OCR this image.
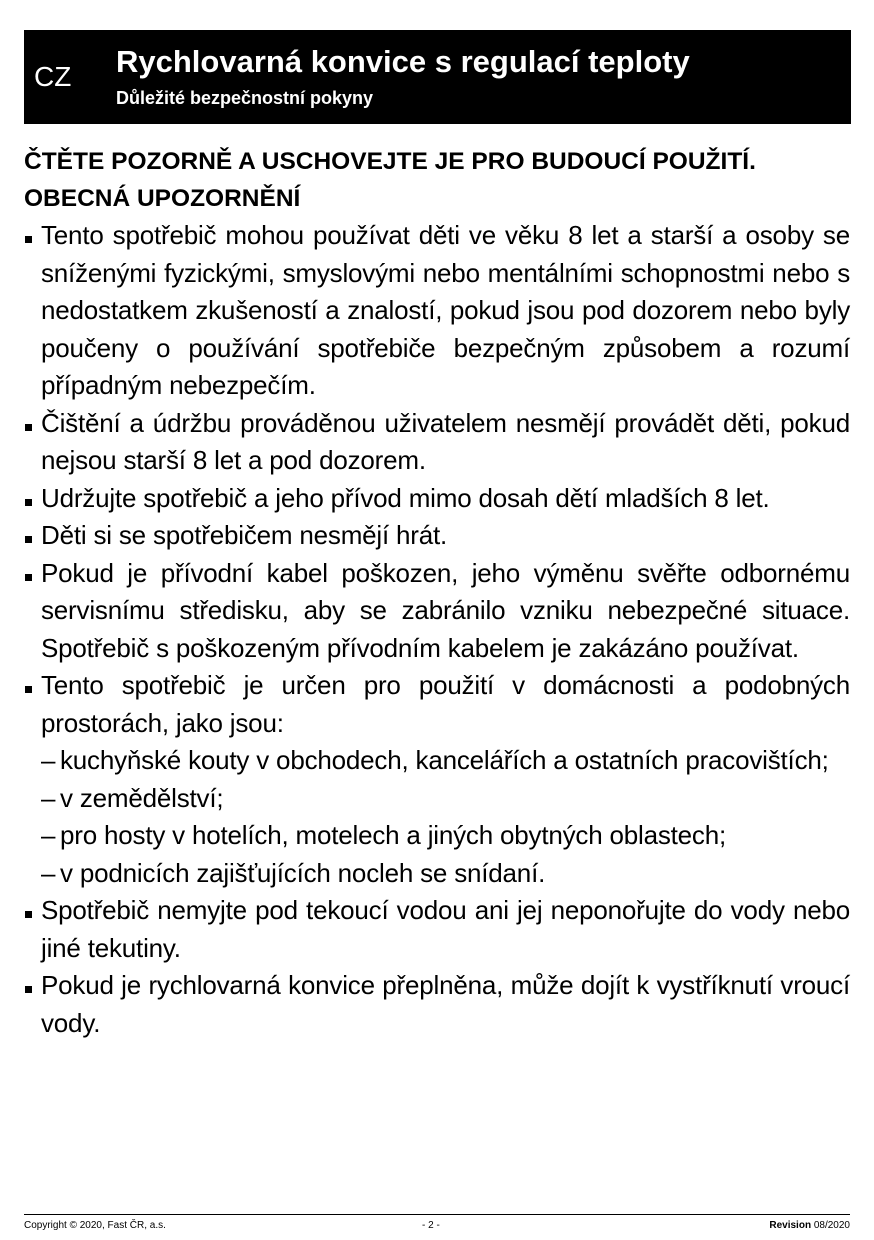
CZ Rychlovarná konvice s regulací teploty
Důležité bezpečnostní pokyny

ČTĚTE POZORNĚ A USCHOVEJTE JE PRO BUDOUCÍ POUŽITÍ.

OBECNÁ UPOZORNĚNÍ

Tento spotřebič mohou používat děti ve věku 8 let a starší a osoby se sníženými fyzickými, smyslovými nebo mentálními schopnostmi nebo s nedostatkem zkušeností a znalostí, pokud jsou pod dozorem nebo byly poučeny o používání spotřebiče bezpečným způsobem a rozumí případným nebezpečím.
Čištění a údržbu prováděnou uživatelem nesmějí provádět děti, pokud nejsou starší 8 let a pod dozorem.
Udržujte spotřebič a jeho přívod mimo dosah dětí mladších 8 let.
Děti si se spotřebičem nesmějí hrát.
Pokud je přívodní kabel poškozen, jeho výměnu svěřte odbornému servisnímu středisku, aby se zabránilo vzniku nebezpečné situace. Spotřebič s poškozeným přívodním kabelem je zakázáno používat.
Tento spotřebič je určen pro použití v domácnosti a podobných prostorách, jako jsou:
– kuchyňské kouty v obchodech, kancelářích a ostatních pracovištích;
– v zemědělství;
– pro hosty v hotelích, motelech a jiných obytných oblastech;
– v podnicích zajišťujících nocleh se snídaní.
Spotřebič nemyjte pod tekoucí vodou ani jej neponořujte do vody nebo jiné tekutiny.
Pokud je rychlovarná konvice přeplněna, může dojít k vystříknutí vroucí vody.
Copyright © 2020, Fast ČR, a.s.	- 2 -	Revision 08/2020
